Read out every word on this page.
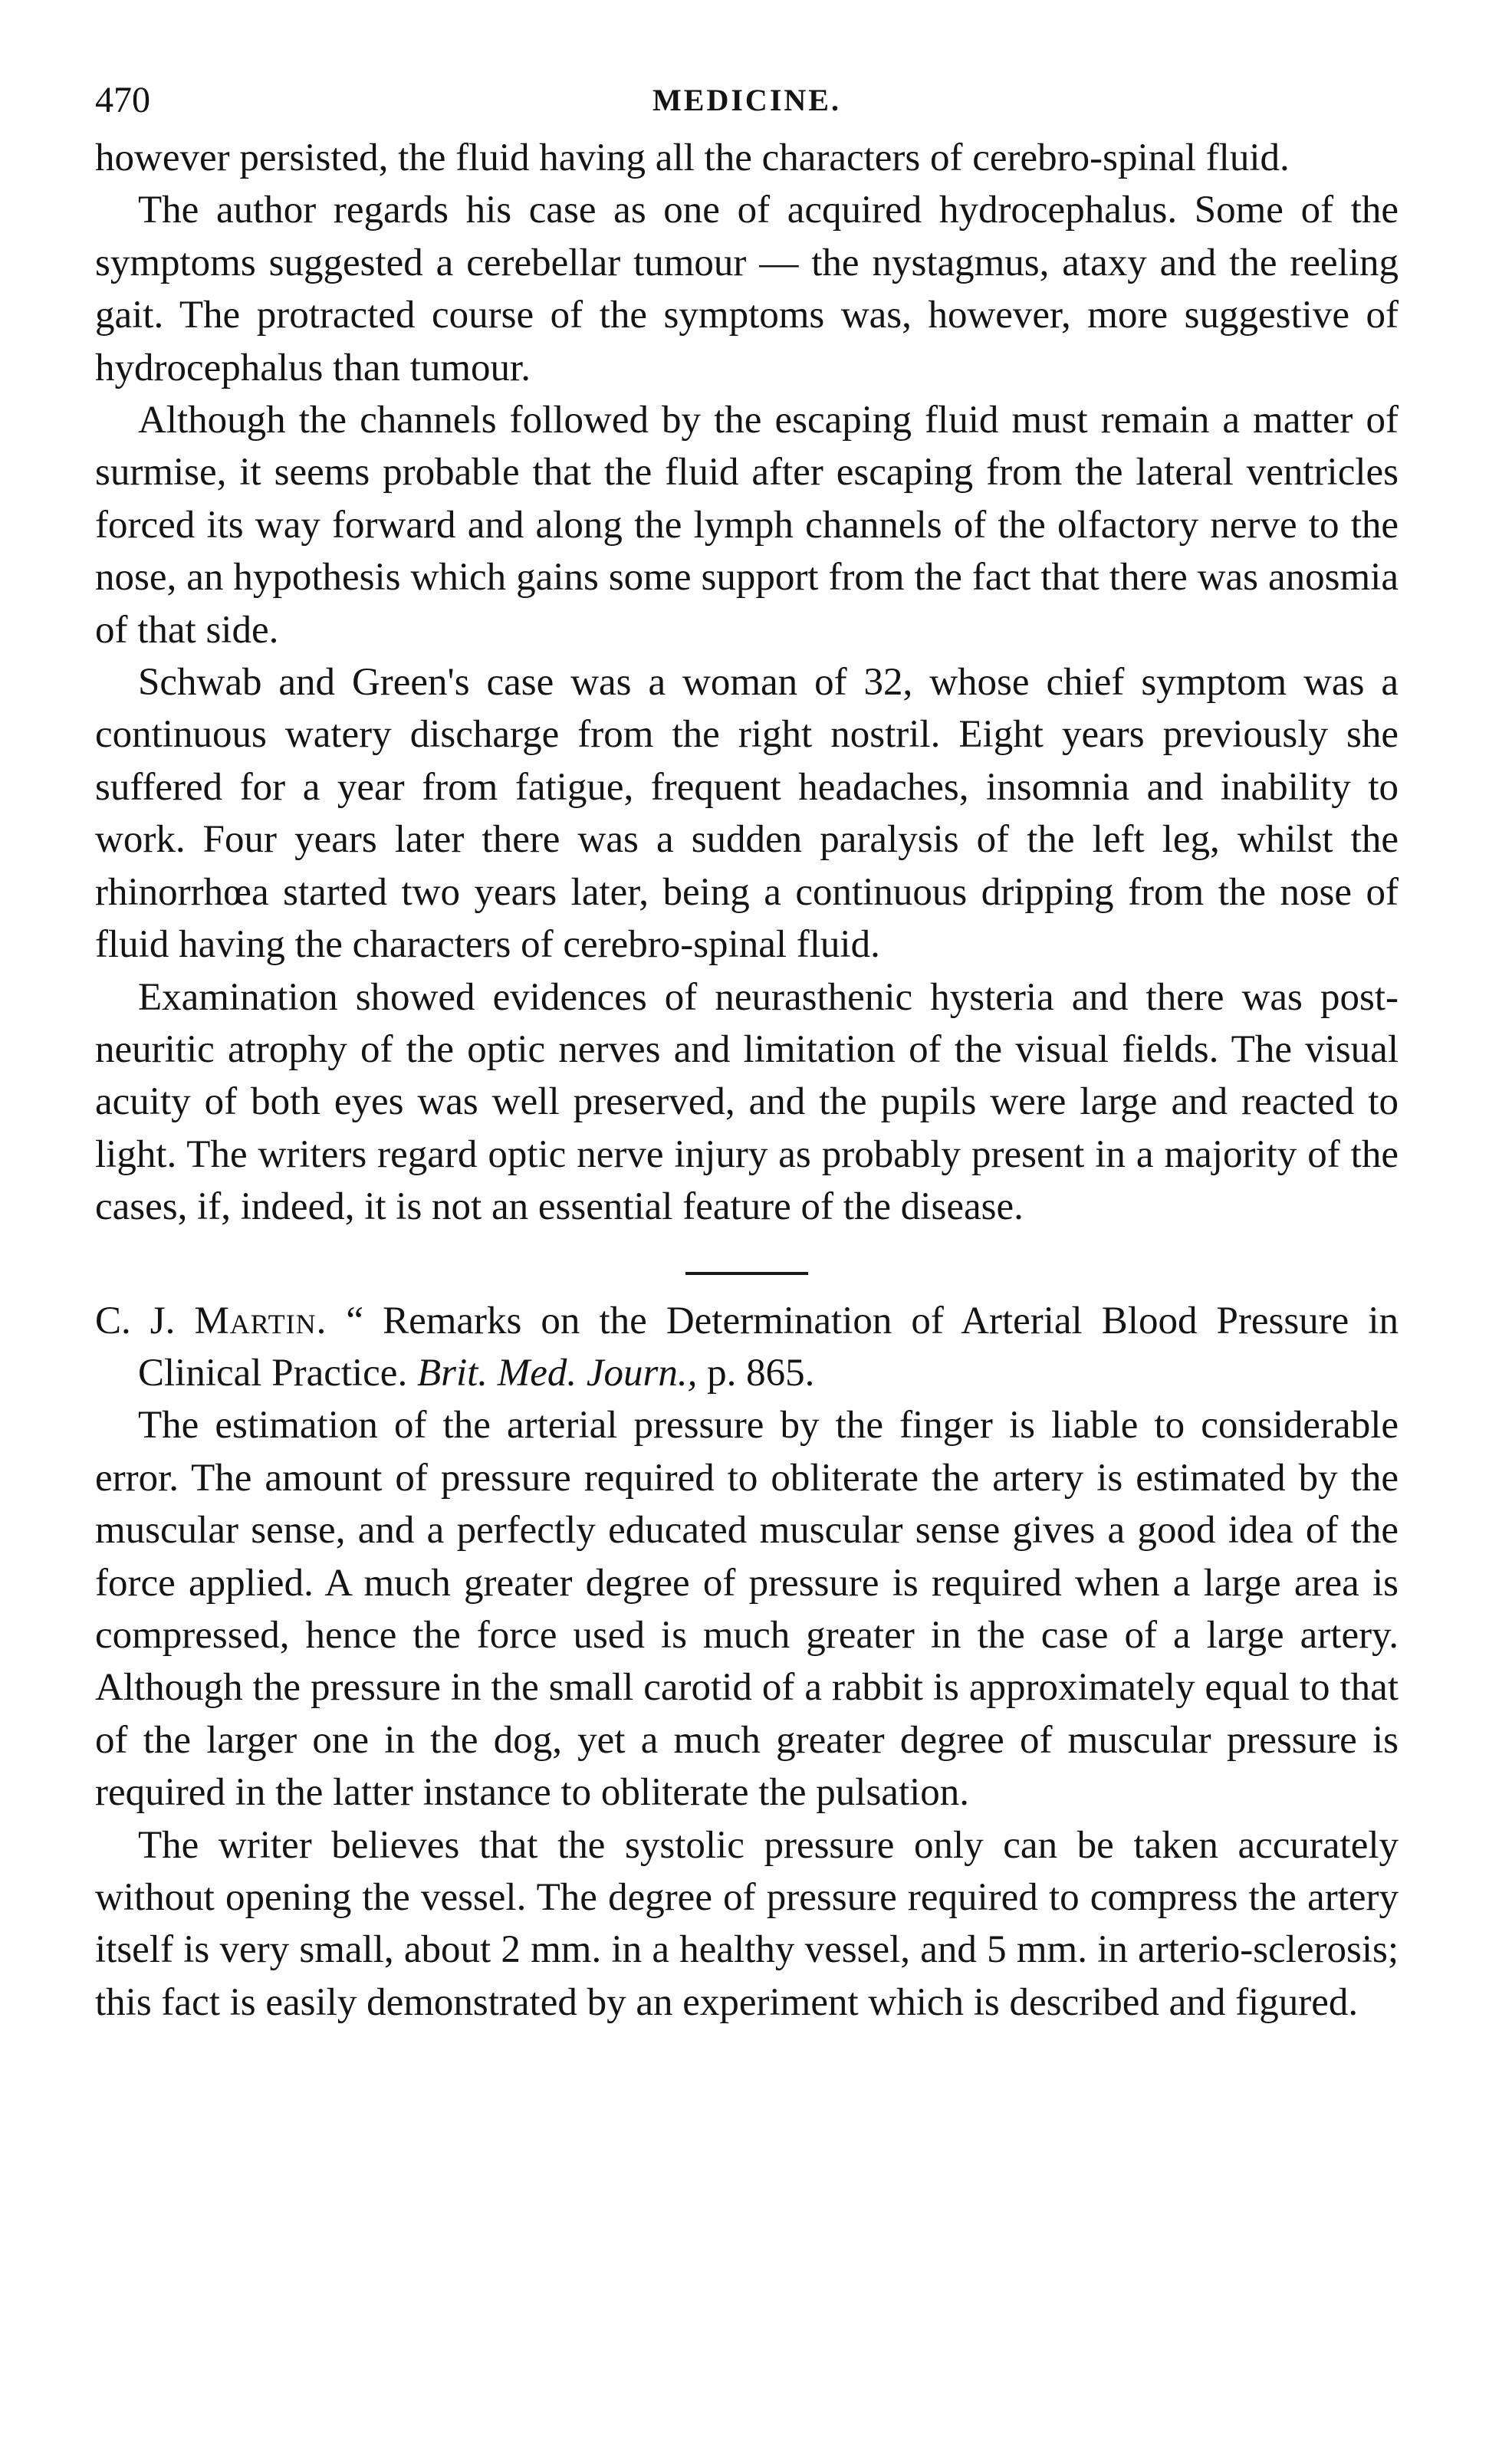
470	MEDICINE.

however persisted, the fluid having all the characters of cerebro-spinal fluid.

The author regards his case as one of acquired hydrocephalus. Some of the symptoms suggested a cerebellar tumour — the nystagmus, ataxy and the reeling gait. The protracted course of the symptoms was, however, more suggestive of hydrocephalus than tumour.

Although the channels followed by the escaping fluid must remain a matter of surmise, it seems probable that the fluid after escaping from the lateral ventricles forced its way forward and along the lymph channels of the olfactory nerve to the nose, an hypothesis which gains some support from the fact that there was anosmia of that side.

Schwab and Green's case was a woman of 32, whose chief symptom was a continuous watery discharge from the right nostril. Eight years previously she suffered for a year from fatigue, frequent headaches, insomnia and inability to work. Four years later there was a sudden paralysis of the left leg, whilst the rhinorrhœa started two years later, being a continuous dripping from the nose of fluid having the characters of cerebro-spinal fluid.

Examination showed evidences of neurasthenic hysteria and there was post-neuritic atrophy of the optic nerves and limitation of the visual fields. The visual acuity of both eyes was well preserved, and the pupils were large and reacted to light. The writers regard optic nerve injury as probably present in a majority of the cases, if, indeed, it is not an essential feature of the disease.

C. J. Martin. “ Remarks on the Determination of Arterial Blood Pressure in Clinical Practice. Brit. Med. Journ., p. 865.

The estimation of the arterial pressure by the finger is liable to considerable error. The amount of pressure required to obliterate the artery is estimated by the muscular sense, and a perfectly educated muscular sense gives a good idea of the force applied. A much greater degree of pressure is required when a large area is compressed, hence the force used is much greater in the case of a large artery. Although the pressure in the small carotid of a rabbit is approximately equal to that of the larger one in the dog, yet a much greater degree of muscular pressure is required in the latter instance to obliterate the pulsation.

The writer believes that the systolic pressure only can be taken accurately without opening the vessel. The degree of pressure required to compress the artery itself is very small, about 2 mm. in a healthy vessel, and 5 mm. in arterio-sclerosis; this fact is easily demonstrated by an experiment which is described and figured.
